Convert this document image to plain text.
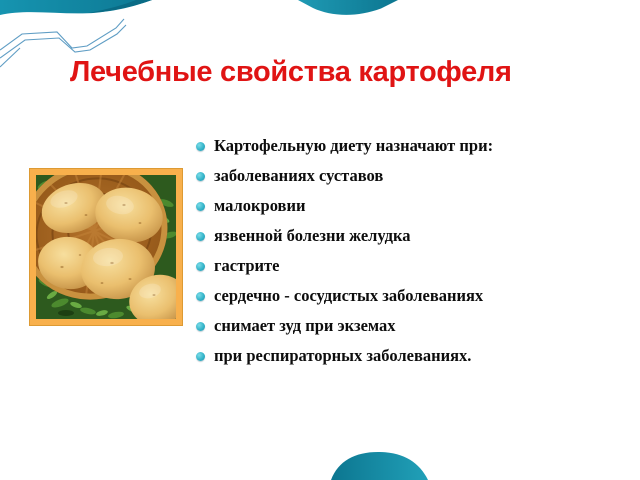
Лечебные свойства картофеля
Картофельную диету назначают при:
заболеваниях суставов
малокровии
язвенной болезни желудка
гастрите
сердечно - сосудистых заболеваниях
снимает зуд при экземах
при респираторных заболеваниях.
